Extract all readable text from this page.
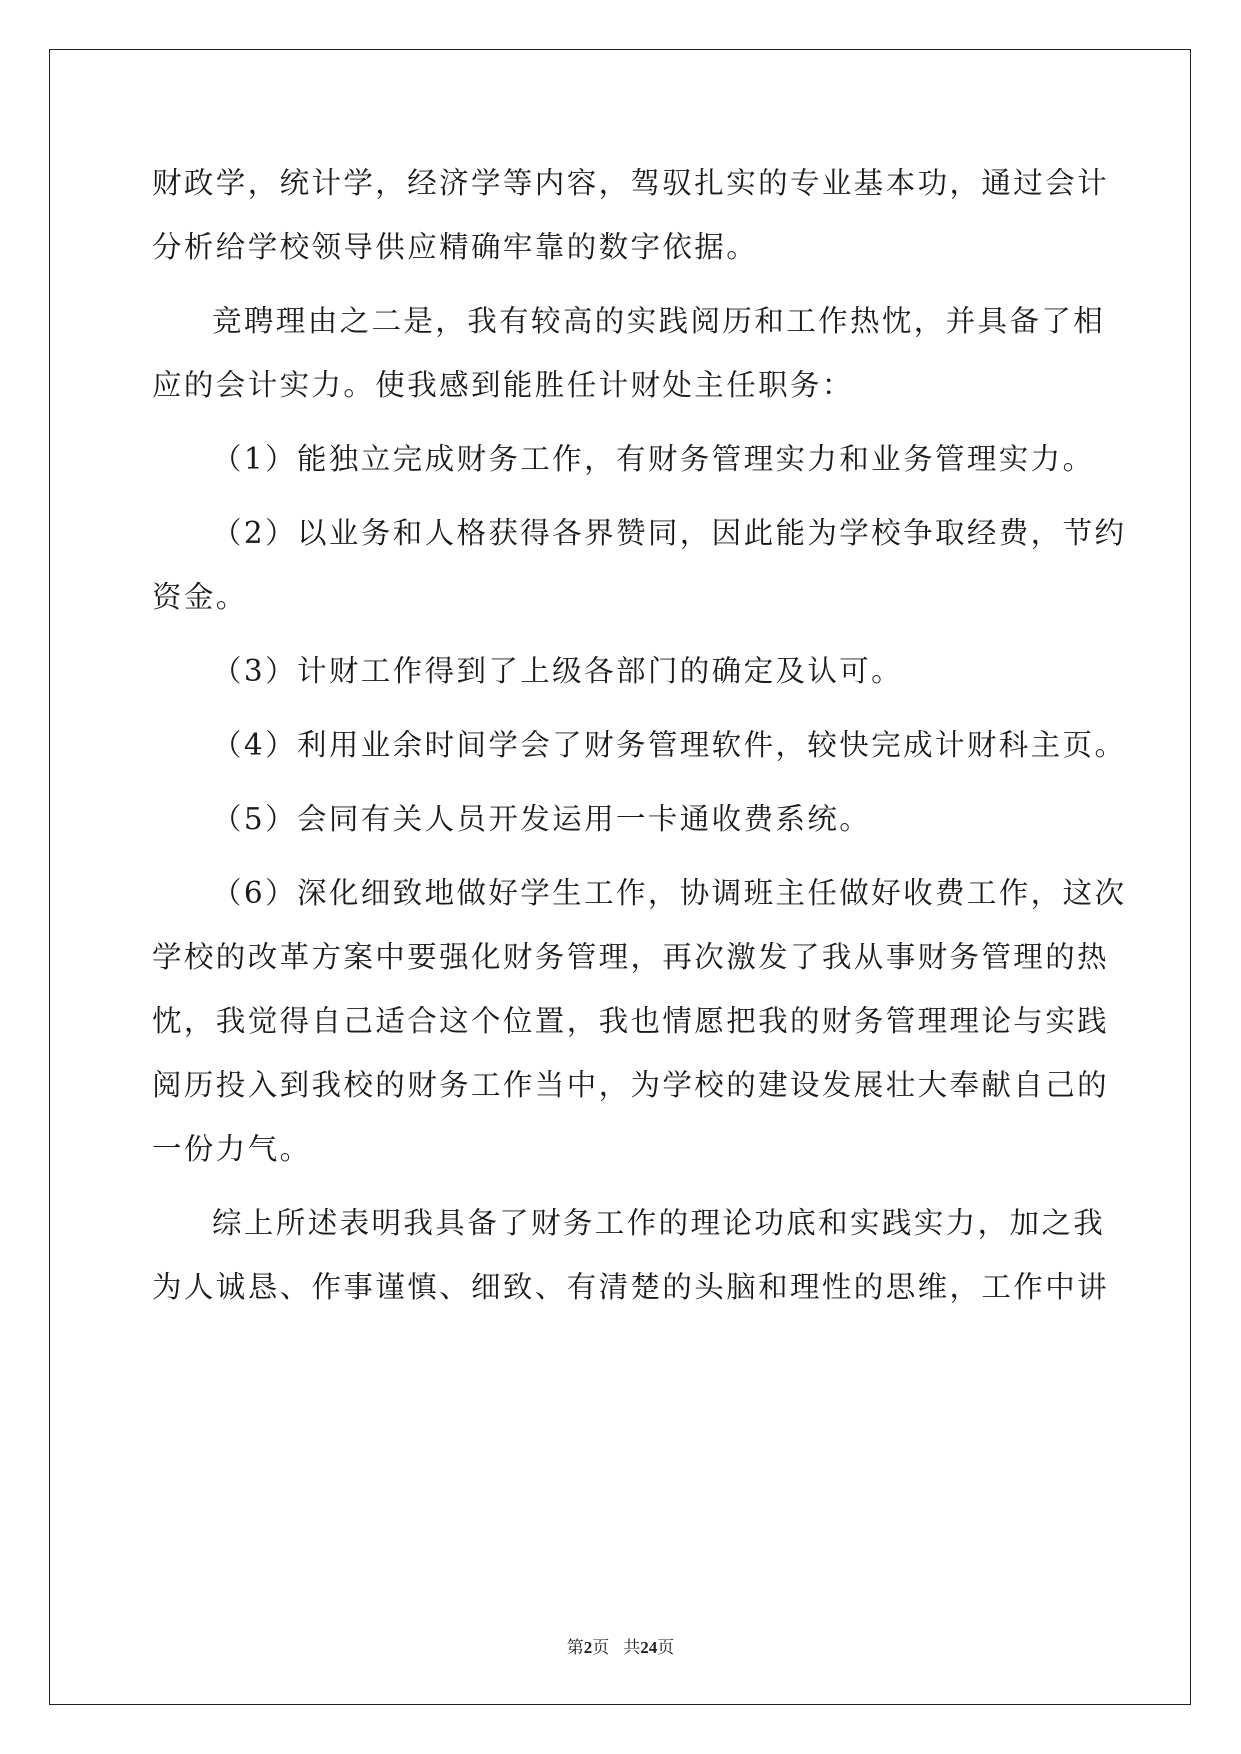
财政学，统计学，经济学等内容，驾驭扎实的专业基本功，通过会计
分析给学校领导供应精确牢靠的数字依据。
竞聘理由之二是，我有较高的实践阅历和工作热忱，并具备了相
应的会计实力。使我感到能胜任计财处主任职务：
（1）能独立完成财务工作，有财务管理实力和业务管理实力。
（2）以业务和人格获得各界赞同，因此能为学校争取经费，节约
资金。
（3）计财工作得到了上级各部门的确定及认可。
（4）利用业余时间学会了财务管理软件，较快完成计财科主页。
（5）会同有关人员开发运用一卡通收费系统。
（6）深化细致地做好学生工作，协调班主任做好收费工作，这次
学校的改革方案中要强化财务管理，再次激发了我从事财务管理的热
忱，我觉得自己适合这个位置，我也情愿把我的财务管理理论与实践
阅历投入到我校的财务工作当中，为学校的建设发展壮大奉献自己的
一份力气。
综上所述表明我具备了财务工作的理论功底和实践实力，加之我
为人诚恳、作事谨慎、细致、有清楚的头脑和理性的思维，工作中讲
第2页 共24页
